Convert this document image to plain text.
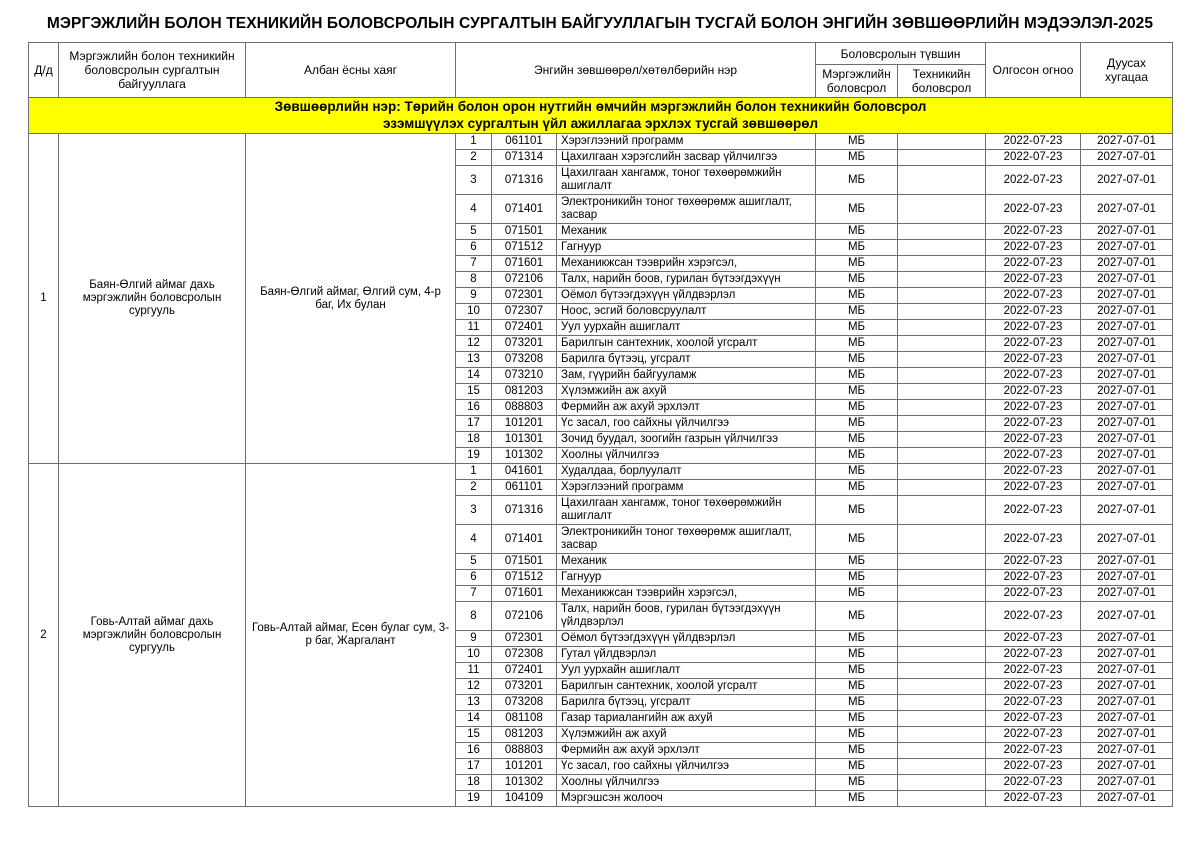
МЭРГЭЖЛИЙН БОЛОН ТЕХНИКИЙН БОЛОВСРОЛЫН СУРГАЛТЫН БАЙГУУЛЛАГЫН ТУСГАЙ БОЛОН ЭНГИЙН ЗӨВШӨӨРЛИЙН МЭДЭЭЛЭЛ-2025
Д/д	Мэргэжлийн болон техникийн боловсролын сургалтын байгууллага	Албан ёсны хаяг	Энгийн зөвшөөрөл/хөтөлбөрийн нэр			Боловсролын түвшин		Олгосон огноо	Дуусах хугацаа
						Мэргэжлийн боловсрол	Техникийн боловсрол		

Зөвшөөрлийн нэр: Төрийн болон орон нутгийн өмчийн мэргэжлийн болон техникийн боловсрол
эзэмшүүлэх сургалтын үйл ажиллагаа эрхлэх тусгай зөвшөөрөл									

1	Баян-Өлгий аймаг дахь мэргэжлийн боловсролын сургууль	Баян-Өлгий аймаг, Өлгий сум, 4-р баг, Их булан	1	061101	Хэрэглээний программ	МБ		2022-07-23	2027-07-01
			2	071314	Цахилгаан хэрэгслийн засвар үйлчилгээ	МБ		2022-07-23	2027-07-01
			3	071316	Цахилгаан хангамж, тоног төхөөрөмжийн ашиглалт	МБ		2022-07-23	2027-07-01
			4	071401	Электроникийн тоног төхөөрөмж ашиглалт, засвар	МБ		2022-07-23	2027-07-01
			5	071501	Механик	МБ		2022-07-23	2027-07-01
			6	071512	Гагнуур	МБ		2022-07-23	2027-07-01
			7	071601	Механикжсан тээврийн хэрэгсэл,	МБ		2022-07-23	2027-07-01
			8	072106	Талх, нарийн боов, гурилан бүтээгдэхүүн	МБ		2022-07-23	2027-07-01
			9	072301	Оёмол бүтээгдэхүүн үйлдвэрлэл	МБ		2022-07-23	2027-07-01
			10	072307	Ноос, эсгий боловсруулалт	МБ		2022-07-23	2027-07-01
			11	072401	Уул уурхайн ашиглалт	МБ		2022-07-23	2027-07-01
			12	073201	Барилгын сантехник, хоолой угсралт	МБ		2022-07-23	2027-07-01
			13	073208	Барилга бүтээц, угсралт	МБ		2022-07-23	2027-07-01
			14	073210	Зам, гүүрийн байгууламж	МБ		2022-07-23	2027-07-01
			15	081203	Хүлэмжийн аж ахуй	МБ		2022-07-23	2027-07-01
			16	088803	Фермийн аж ахуй эрхлэлт	МБ		2022-07-23	2027-07-01
			17	101201	Үс засал, гоо сайхны үйлчилгээ	МБ		2022-07-23	2027-07-01
			18	101301	Зочид буудал, зоогийн газрын үйлчилгээ	МБ		2022-07-23	2027-07-01
			19	101302	Хоолны үйлчилгээ	МБ		2022-07-23	2027-07-01
2	Говь-Алтай аймаг дахь мэргэжлийн боловсролын сургууль	Говь-Алтай аймаг, Есөн булаг сум, 3-р баг, Жаргалант	1	041601	Худалдаа, борлуулалт	МБ		2022-07-23	2027-07-01
			2	061101	Хэрэглээний программ	МБ		2022-07-23	2027-07-01
			3	071316	Цахилгаан хангамж, тоног төхөөрөмжийн ашиглалт	МБ		2022-07-23	2027-07-01
			4	071401	Электроникийн тоног төхөөрөмж ашиглалт, засвар	МБ		2022-07-23	2027-07-01
			5	071501	Механик	МБ		2022-07-23	2027-07-01
			6	071512	Гагнуур	МБ		2022-07-23	2027-07-01
			7	071601	Механикжсан тээврийн хэрэгсэл,	МБ		2022-07-23	2027-07-01
			8	072106	Талх, нарийн боов, гурилан бүтээгдэхүүн үйлдвэрлэл	МБ		2022-07-23	2027-07-01
			9	072301	Оёмол бүтээгдэхүүн үйлдвэрлэл	МБ		2022-07-23	2027-07-01
			10	072308	Гутал үйлдвэрлэл	МБ		2022-07-23	2027-07-01
			11	072401	Уул уурхайн ашиглалт	МБ		2022-07-23	2027-07-01
			12	073201	Барилгын сантехник, хоолой угсралт	МБ		2022-07-23	2027-07-01
			13	073208	Барилга бүтээц, угсралт	МБ		2022-07-23	2027-07-01
			14	081108	Газар тариалангийн аж ахуй	МБ		2022-07-23	2027-07-01
			15	081203	Хүлэмжийн аж ахуй	МБ		2022-07-23	2027-07-01
			16	088803	Фермийн аж ахуй эрхлэлт	МБ		2022-07-23	2027-07-01
			17	101201	Үс засал, гоо сайхны үйлчилгээ	МБ		2022-07-23	2027-07-01
			18	101302	Хоолны үйлчилгээ	МБ		2022-07-23	2027-07-01
			19	104109	Мэргэшсэн жолооч	МБ		2022-07-23	2027-07-01
